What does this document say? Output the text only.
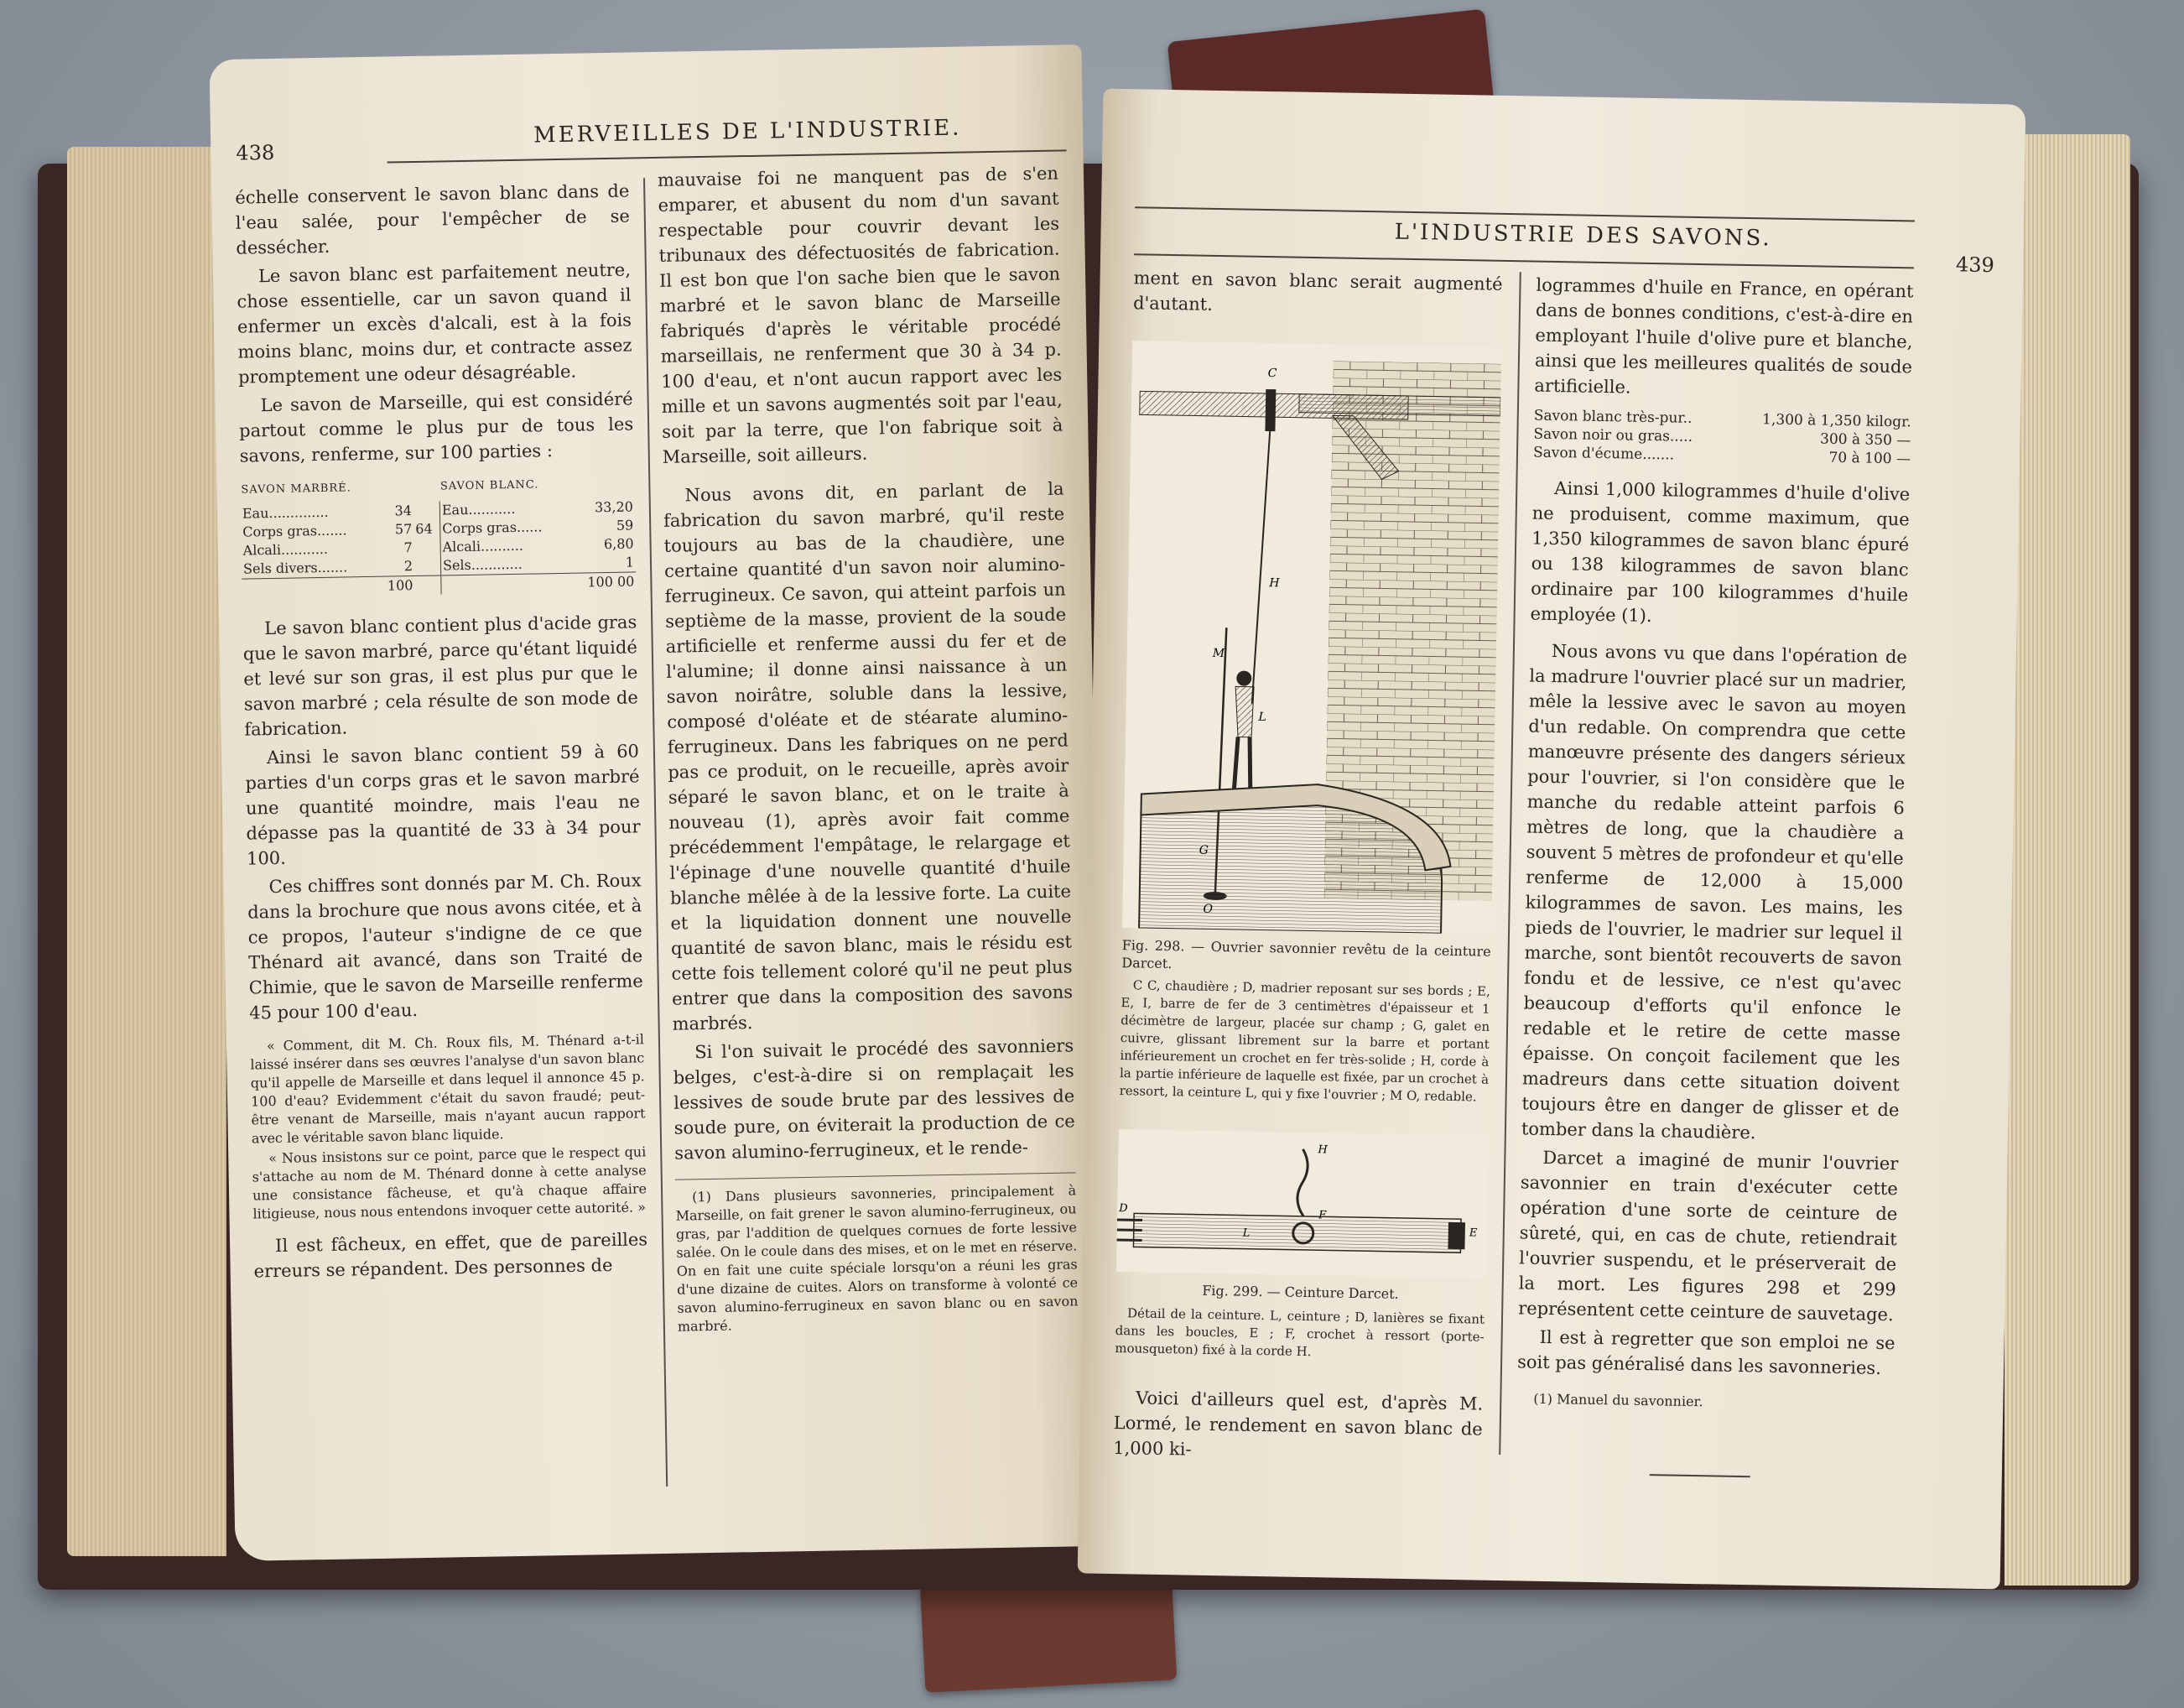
438
MERVEILLES DE L'INDUSTRIE.

échelle conservent le savon blanc dans de l'eau salée, pour l'empêcher de se dessécher.

Le savon blanc est parfaitement neutre, chose essentielle, car un savon quand il enfermer un excès d'alcali, est à la fois moins blanc, moins dur, et contracte assez promptement une odeur désagréable.

Le savon de Marseille, qui est considéré partout comme le plus pur de tous les savons, renferme, sur 100 parties :

SAVON MARBRÉ.			SAVON BLANC.	
Eau..............	34		Eau...........	33,20
Corps gras.......	57	64	Corps gras......	59
Alcali...........	7		Alcali..........	6,80
Sels divers.......	2		Sels............	1
	100			100 00

Le savon blanc contient plus d'acide gras que le savon marbré, parce qu'étant liquidé et levé sur son gras, il est plus pur que le savon marbré ; cela résulte de son mode de fabrication.

Ainsi le savon blanc contient 59 à 60 parties d'un corps gras et le savon marbré une quantité moindre, mais l'eau ne dépasse pas la quantité de 33 à 34 pour 100.

Ces chiffres sont donnés par M. Ch. Roux dans la brochure que nous avons citée, et à ce propos, l'auteur s'indigne de ce que Thénard ait avancé, dans son Traité de Chimie, que le savon de Marseille renferme 45 pour 100 d'eau.

« Comment, dit M. Ch. Roux fils, M. Thénard a-t-il laissé insérer dans ses œuvres l'analyse d'un savon blanc qu'il appelle de Marseille et dans lequel il annonce 45 p. 100 d'eau? Evidemment c'était du savon fraudé; peut-être venant de Marseille, mais n'ayant aucun rapport avec le véritable savon blanc liquide.

« Nous insistons sur ce point, parce que le respect qui s'attache au nom de M. Thénard donne à cette analyse une consistance fâcheuse, et qu'à chaque affaire litigieuse, nous nous entendons invoquer cette autorité. »

Il est fâcheux, en effet, que de pareilles erreurs se répandent. Des personnes de

mauvaise foi ne manquent pas de s'en emparer, et abusent du nom d'un savant respectable pour couvrir devant les tribunaux des défectuosités de fabrication. Il est bon que l'on sache bien que le savon marbré et le savon blanc de Marseille fabriqués d'après le véritable procédé marseillais, ne renferment que 30 à 34 p. 100 d'eau, et n'ont aucun rapport avec les mille et un savons augmentés soit par l'eau, soit par la terre, que l'on fabrique soit à Marseille, soit ailleurs.

Nous avons dit, en parlant de la fabrication du savon marbré, qu'il reste toujours au bas de la chaudière, une certaine quantité d'un savon noir alumino-ferrugineux. Ce savon, qui atteint parfois un septième de la masse, provient de la soude artificielle et renferme aussi du fer et de l'alumine; il donne ainsi naissance à un savon noirâtre, soluble dans la lessive, composé d'oléate et de stéarate alumino-ferrugineux. Dans les fabriques on ne perd pas ce produit, on le recueille, après avoir séparé le savon blanc, et on le traite à nouveau (1), après avoir fait comme précédemment l'empâtage, le relargage et l'épinage d'une nouvelle quantité d'huile blanche mêlée à de la lessive forte. La cuite et la liquidation donnent une nouvelle quantité de savon blanc, mais le résidu est cette fois tellement coloré qu'il ne peut plus entrer que dans la composition des savons marbrés.

Si l'on suivait le procédé des savonniers belges, c'est-à-dire si on remplaçait les lessives de soude brute par des lessives de soude pure, on éviterait la production de ce savon alumino-ferrugineux, et le rende-

(1) Dans plusieurs savonneries, principalement à Marseille, on fait grener le savon alumino-ferrugineux, ou gras, par l'addition de quelques cornues de forte lessive salée. On le coule dans des mises, et on le met en réserve. On en fait une cuite spéciale lorsqu'on a réuni les gras d'une dizaine de cuites. Alors on transforme à volonté ce savon alumino-ferrugineux en savon blanc ou en savon marbré.

L'INDUSTRIE DES SAVONS.
439

ment en savon blanc serait augmenté d'autant.

C
H
M
L
O
G
Fig. 298. — Ouvrier savonnier revêtu de la ceinture Darcet.
C C, chaudière ; D, madrier reposant sur ses bords ; E, E, I, barre de fer de 3 centimètres d'épaisseur et 1 décimètre de largeur, placée sur champ ; G, galet en cuivre, glissant librement sur la barre et portant inférieurement un crochet en fer très-solide ; H, corde à la partie inférieure de laquelle est fixée, par un crochet à ressort, la ceinture L, qui y fixe l'ouvrier ; M O, redable.
H
D
L
F
E
Fig. 299. — Ceinture Darcet.
Détail de la ceinture. L, ceinture ; D, lanières se fixant dans les boucles, E ; F, crochet à ressort (porte-mousqueton) fixé à la corde H.

Voici d'ailleurs quel est, d'après M. Lormé, le rendement en savon blanc de 1,000 ki-

logrammes d'huile en France, en opérant dans de bonnes conditions, c'est-à-dire en employant l'huile d'olive pure et blanche, ainsi que les meilleures qualités de soude artificielle.

Savon blanc très-pur..	1,300 à 1,350 kilogr.
Savon noir ou gras.....	300 à 350 —
Savon d'écume.......	70 à 100 —

Ainsi 1,000 kilogrammes d'huile d'olive ne produisent, comme maximum, que 1,350 kilogrammes de savon blanc épuré ou 138 kilogrammes de savon blanc ordinaire par 100 kilogrammes d'huile employée (1).

Nous avons vu que dans l'opération de la madrure l'ouvrier placé sur un madrier, mêle la lessive avec le savon au moyen d'un redable. On comprendra que cette manœuvre présente des dangers sérieux pour l'ouvrier, si l'on considère que le manche du redable atteint parfois 6 mètres de long, que la chaudière a souvent 5 mètres de profondeur et qu'elle renferme de 12,000 à 15,000 kilogrammes de savon. Les mains, les pieds de l'ouvrier, le madrier sur lequel il marche, sont bientôt recouverts de savon fondu et de lessive, ce n'est qu'avec beaucoup d'efforts qu'il enfonce le redable et le retire de cette masse épaisse. On conçoit facilement que les madreurs dans cette situation doivent toujours être en danger de glisser et de tomber dans la chaudière.

Darcet a imaginé de munir l'ouvrier savonnier en train d'exécuter cette opération d'une sorte de ceinture de sûreté, qui, en cas de chute, retiendrait l'ouvrier suspendu, et le préserverait de la mort. Les figures 298 et 299 représentent cette ceinture de sauvetage.

Il est à regretter que son emploi ne se soit pas généralisé dans les savonneries.

(1) Manuel du savonnier.
